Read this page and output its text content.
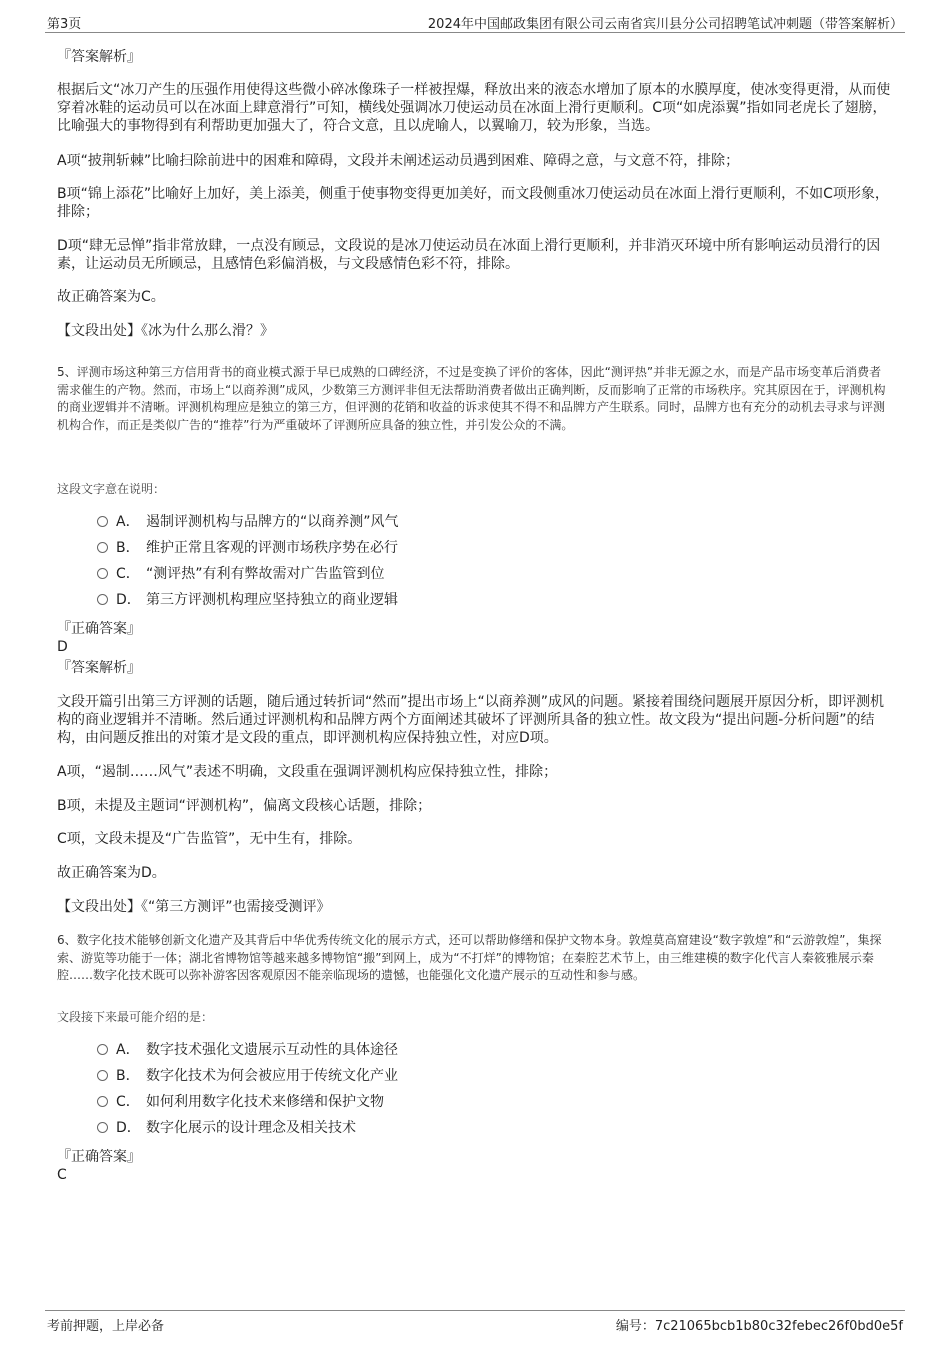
第3页	2024年中国邮政集团有限公司云南省宾川县分公司招聘笔试冲刺题（带答案解析）
『答案解析』

根据后文“冰刀产生的压强作用使得这些微小碎冰像珠子一样被捏爆，释放出来的液态水增加了原本的水膜厚度，使冰变得更滑，从而使穿着冰鞋的运动员可以在冰面上肆意滑行”可知，横线处强调冰刀使运动员在冰面上滑行更顺利。C项“如虎添翼”指如同老虎长了翅膀，比喻强大的事物得到有利帮助更加强大了，符合文意，且以虎喻人，以翼喻刀，较为形象，当选。

A项“披荆斩棘”比喻扫除前进中的困难和障碍，文段并未阐述运动员遇到困难、障碍之意，与文意不符，排除；

B项“锦上添花”比喻好上加好，美上添美，侧重于使事物变得更加美好，而文段侧重冰刀使运动员在冰面上滑行更顺利，不如C项形象，排除；

D项“肆无忌惮”指非常放肆，一点没有顾忌，文段说的是冰刀使运动员在冰面上滑行更顺利，并非消灭环境中所有影响运动员滑行的因素，让运动员无所顾忌，且感情色彩偏消极，与文段感情色彩不符，排除。

故正确答案为C。

【文段出处】《冰为什么那么滑？》

5、评测市场这种第三方信用背书的商业模式源于早已成熟的口碑经济，不过是变换了评价的客体，因此“测评热”并非无源之水，而是产品市场变革后消费者需求催生的产物。然而，市场上“以商养测”成风，少数第三方测评非但无法帮助消费者做出正确判断，反而影响了正常的市场秩序。究其原因在于，评测机构的商业逻辑并不清晰。评测机构理应是独立的第三方，但评测的花销和收益的诉求使其不得不和品牌方产生联系。同时，品牌方也有充分的动机去寻求与评测机构合作，而正是类似广告的“推荐”行为严重破坏了评测所应具备的独立性，并引发公众的不满。

这段文字意在说明：

A． 遏制评测机构与品牌方的“以商养测”风气
B． 维护正常且客观的评测市场秩序势在必行
C． “测评热”有利有弊故需对广告监管到位
D． 第三方评测机构理应坚持独立的商业逻辑
『正确答案』
D
『答案解析』

文段开篇引出第三方评测的话题，随后通过转折词“然而”提出市场上“以商养测”成风的问题。紧接着围绕问题展开原因分析，即评测机构的商业逻辑并不清晰。然后通过评测机构和品牌方两个方面阐述其破坏了评测所具备的独立性。故文段为“提出问题-分析问题”的结构，由问题反推出的对策才是文段的重点，即评测机构应保持独立性，对应D项。

A项，“遏制……风气”表述不明确，文段重在强调评测机构应保持独立性，排除；

B项，未提及主题词“评测机构”，偏离文段核心话题，排除；

C项，文段未提及“广告监管”，无中生有，排除。

故正确答案为D。

【文段出处】《“第三方测评”也需接受测评》

6、数字化技术能够创新文化遗产及其背后中华优秀传统文化的展示方式，还可以帮助修缮和保护文物本身。敦煌莫高窟建设“数字敦煌”和“云游敦煌”，集探索、游览等功能于一体；湖北省博物馆等越来越多博物馆“搬”到网上，成为“不打烊”的博物馆；在秦腔艺术节上，由三维建模的数字化代言人秦筱雅展示秦腔……数字化技术既可以弥补游客因客观原因不能亲临现场的遗憾，也能强化文化遗产展示的互动性和参与感。

文段接下来最可能介绍的是：

A． 数字技术强化文遗展示互动性的具体途径
B． 数字化技术为何会被应用于传统文化产业
C． 如何利用数字化技术来修缮和保护文物
D． 数字化展示的设计理念及相关技术
『正确答案』
C
考前押题，上岸必备	编号：7c21065bcb1b80c32febec26f0bd0e5f
